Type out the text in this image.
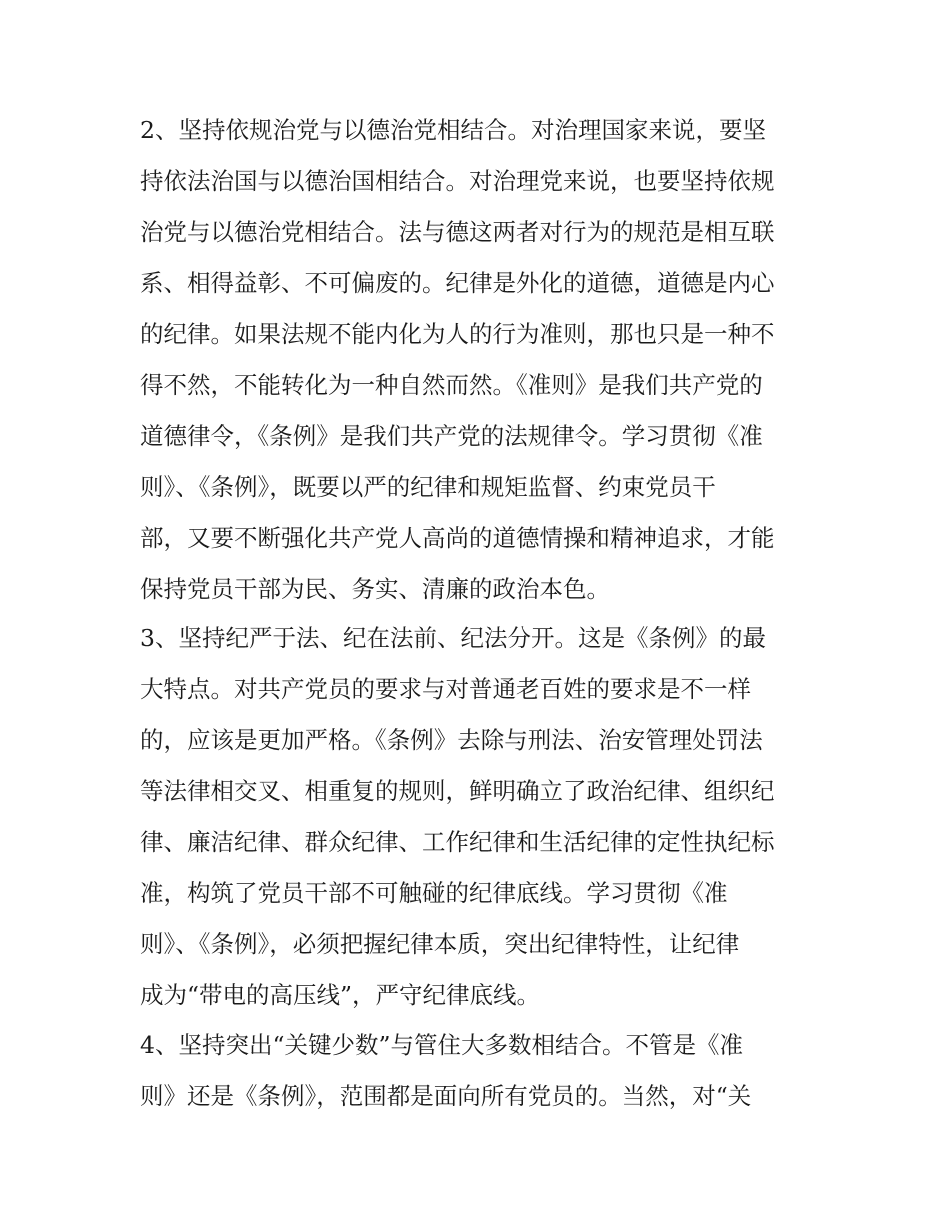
2、坚持依规治党与以德治党相结合。对治理国家来说，要坚
持依法治国与以德治国相结合。对治理党来说，也要坚持依规
治党与以德治党相结合。法与德这两者对行为的规范是相互联
系、相得益彰、不可偏废的。纪律是外化的道德，道德是内心
的纪律。如果法规不能内化为人的行为准则，那也只是一种不
得不然，不能转化为一种自然而然。《准则》是我们共产党的
道德律令，《条例》是我们共产党的法规律令。学习贯彻《准
则》、《条例》，既要以严的纪律和规矩监督、约束党员干
部，又要不断强化共产党人高尚的道德情操和精神追求，才能
保持党员干部为民、务实、清廉的政治本色。
3、坚持纪严于法、纪在法前、纪法分开。这是《条例》的最
大特点。对共产党员的要求与对普通老百姓的要求是不一样
的，应该是更加严格。《条例》去除与刑法、治安管理处罚法
等法律相交叉、相重复的规则，鲜明确立了政治纪律、组织纪
律、廉洁纪律、群众纪律、工作纪律和生活纪律的定性执纪标
准，构筑了党员干部不可触碰的纪律底线。学习贯彻《准
则》、《条例》，必须把握纪律本质，突出纪律特性，让纪律
成为“带电的高压线”，严守纪律底线。
4、坚持突出“关键少数”与管住大多数相结合。不管是《准
则》还是《条例》，范围都是面向所有党员的。当然，对“关
